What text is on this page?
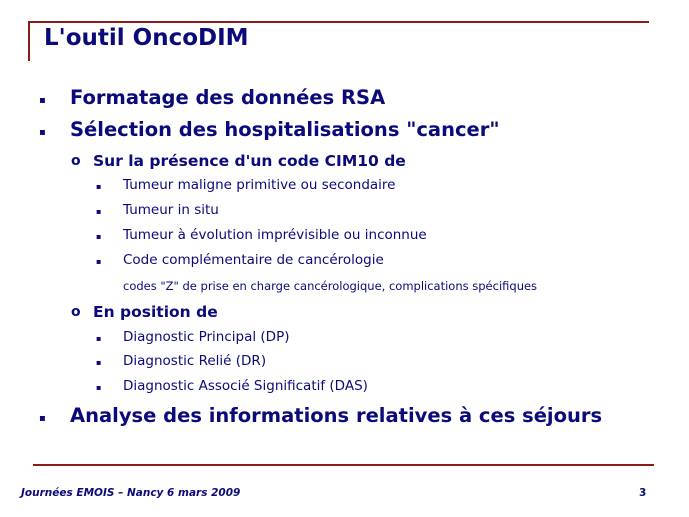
L'outil OncoDIM
▪ Formatage des données RSA
▪ Sélection des hospitalisations "cancer"
o Sur la présence d'un code CIM10 de
▪ Tumeur maligne primitive ou secondaire
▪ Tumeur in situ
▪ Tumeur à évolution imprévisible ou inconnue
▪ Code complémentaire de cancérologie
codes "Z" de prise en charge cancérologique, complications spécifiques
o En position de
▪ Diagnostic Principal (DP)
▪ Diagnostic Relié (DR)
▪ Diagnostic Associé Significatif (DAS)
▪ Analyse des informations relatives à ces séjours
Journées EMOIS – Nancy 6 mars 2009	3
